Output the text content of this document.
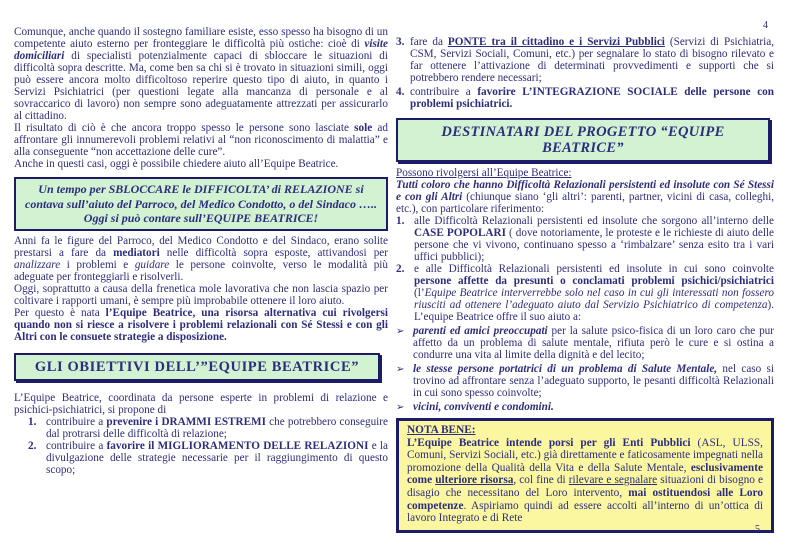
4

Comunque, anche quando il sostegno familiare esiste, esso spesso ha bisogno di un competente aiuto esterno per fronteggiare le difficoltà più ostiche: cioè di visite domiciliari di specialisti potenzialmente capaci di sbloccare le situazioni di difficoltà sopra descritte. Ma, come ben sa chi si è trovato in situazioni simili, oggi può essere ancora molto difficoltoso reperire questo tipo di aiuto, in quanto i Servizi Psichiatrici (per questioni legate alla mancanza di personale e al sovraccarico di lavoro) non sempre sono adeguatamente attrezzati per assicurarlo al cittadino.

Il risultato di ciò è che ancora troppo spesso le persone sono lasciate sole ad affrontare gli innumerevoli problemi relativi al “non riconoscimento di malattia” e alla conseguente “non accettazione delle cure”.

Anche in questi casi, oggi è possibile chiedere aiuto all’Equipe Beatrice.

Un tempo per SBLOCCARE le DIFFICOLTA’ di RELAZIONE si contava sull’aiuto del Parroco, del Medico Condotto, o del Sindaco ….. Oggi si può contare sull’EQUIPE BEATRICE!

Anni fa le figure del Parroco, del Medico Condotto e del Sindaco, erano solite prestarsi a fare da mediatori nelle difficoltà sopra esposte, attivandosi per analizzare i problemi e guidare le persone coinvolte, verso le modalità più adeguate per fronteggiarli e risolverli.

Oggi, soprattutto a causa della frenetica mole lavorativa che non lascia spazio per coltivare i rapporti umani, è sempre più improbabile ottenere il loro aiuto.

Per questo è nata l’Equipe Beatrice, una risorsa alternativa cui rivolgersi quando non si riesce a risolvere i problemi relazionali con Sé Stessi e con gli Altri con le consuete strategie a disposizione.

GLI OBIETTIVI DELL’”EQUIPE BEATRICE”

L’Equipe Beatrice, coordinata da persone esperte in problemi di relazione e psichici-psichiatrici, si propone di

1. contribuire a prevenire i DRAMMI ESTREMI che potrebbero conseguire dal protrarsi delle difficoltà di relazione;
2. contribuire a favorire il MIGLIORAMENTO DELLE RELAZIONI e la divulgazione delle strategie necessarie per il raggiungimento di questo scopo;
3. fare da PONTE tra il cittadino e i Servizi Pubblici (Servizi di Psichiatria, CSM, Servizi Sociali, Comuni, etc.) per segnalare lo stato di bisogno rilevato e far ottenere l’attivazione di determinati provvedimenti e supporti che si potrebbero rendere necessari;
4. contribuire a favorire L’INTEGRAZIONE SOCIALE delle persone con problemi psichiatrici.
DESTINATARI DEL PROGETTO “EQUIPE BEATRICE”

Possono rivolgersi all’Equipe Beatrice:

Tutti coloro che hanno Difficoltà Relazionali persistenti ed insolute con Sé Stessi e con gli Altri (chiunque siano ‘gli altri’: parenti, partner, vicini di casa, colleghi, etc.), con particolare riferimento:

1. alle Difficoltà Relazionali persistenti ed insolute che sorgono all’interno delle CASE POPOLARI ( dove notoriamente, le proteste e le richieste di aiuto delle persone che vi vivono, continuano spesso a ‘rimbalzare’ senza esito tra i vari uffici pubblici);
2. e alle Difficoltà Relazionali persistenti ed insolute in cui sono coinvolte persone affette da presunti o conclamati problemi psichici/psichiatrici (l’Equipe Beatrice interverrebbe solo nel caso in cui gli interessati non fossero riusciti ad ottenere l’adeguato aiuto dal Servizio Psichiatrico di competenza). L’equipe Beatrice offre il suo aiuto a:
➢ parenti ed amici preoccupati per la salute psico-fisica di un loro caro che pur affetto da un problema di salute mentale, rifiuta però le cure e si ostina a condurre una vita al limite della dignità e del lecito;
➢ le stesse persone portatrici di un problema di Salute Mentale, nel caso si trovino ad affrontare senza l’adeguato supporto, le pesanti difficoltà Relazionali in cui sono spesso coinvolte;
➢ vicini, conviventi e condomini.
NOTA BENE:

L’Equipe Beatrice intende porsi per gli Enti Pubblici (ASL, ULSS, Comuni, Servizi Sociali, etc.) già direttamente e faticosamente impegnati nella promozione della Qualità della Vita e della Salute Mentale, esclusivamente come ulteriore risorsa, col fine di rilevare e segnalare situazioni di bisogno e disagio che necessitano del Loro intervento, mai ostituendosi alle Loro competenze. Aspiriamo quindi ad essere accolti all’interno di un’ottica di lavoro Integrato e di Rete

5
